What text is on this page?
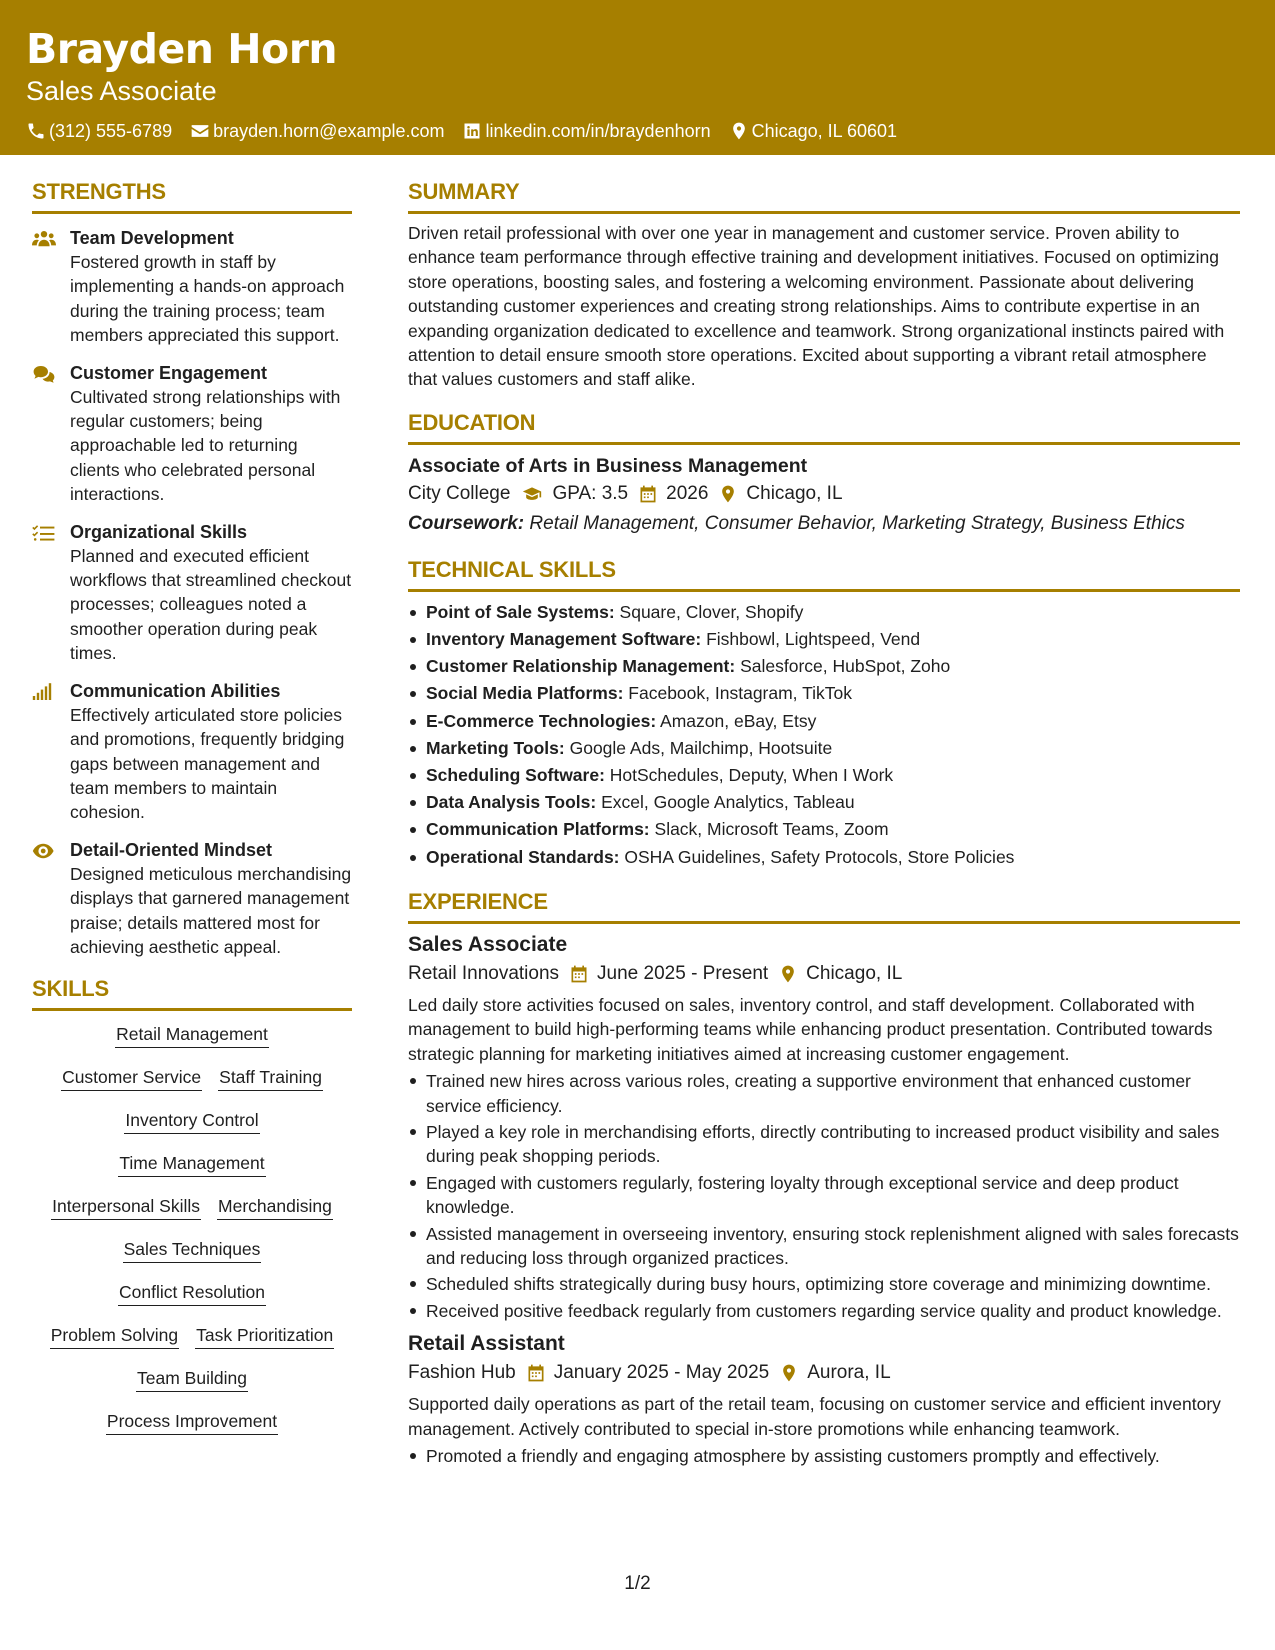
Brayden Horn
Sales Associate
(312) 555-6789 brayden.horn@example.com linkedin.com/in/braydenhorn Chicago, IL 60601
STRENGTHS
Team Development
Fostered growth in staff by implementing a hands-on approach during the training process; team members appreciated this support.
Customer Engagement
Cultivated strong relationships with regular customers; being approachable led to returning clients who celebrated personal interactions.
Organizational Skills
Planned and executed efficient workflows that streamlined checkout processes; colleagues noted a smoother operation during peak times.
Communication Abilities
Effectively articulated store policies and promotions, frequently bridging gaps between management and team members to maintain cohesion.
Detail-Oriented Mindset
Designed meticulous merchandising displays that garnered management praise; details mattered most for achieving aesthetic appeal.
SKILLS
Retail Management
Customer Service Staff Training
Inventory Control
Time Management
Interpersonal Skills Merchandising
Sales Techniques
Conflict Resolution
Problem Solving Task Prioritization
Team Building
Process Improvement
SUMMARY
Driven retail professional with over one year in management and customer service. Proven ability to enhance team performance through effective training and development initiatives. Focused on optimizing store operations, boosting sales, and fostering a welcoming environment. Passionate about delivering outstanding customer experiences and creating strong relationships. Aims to contribute expertise in an expanding organization dedicated to excellence and teamwork. Strong organizational instincts paired with attention to detail ensure smooth store operations. Excited about supporting a vibrant retail atmosphere that values customers and staff alike.
EDUCATION
Associate of Arts in Business Management
City College GPA: 3.5 2026 Chicago, IL
Coursework: Retail Management, Consumer Behavior, Marketing Strategy, Business Ethics
TECHNICAL SKILLS
Point of Sale Systems: Square, Clover, Shopify
Inventory Management Software: Fishbowl, Lightspeed, Vend
Customer Relationship Management: Salesforce, HubSpot, Zoho
Social Media Platforms: Facebook, Instagram, TikTok
E-Commerce Technologies: Amazon, eBay, Etsy
Marketing Tools: Google Ads, Mailchimp, Hootsuite
Scheduling Software: HotSchedules, Deputy, When I Work
Data Analysis Tools: Excel, Google Analytics, Tableau
Communication Platforms: Slack, Microsoft Teams, Zoom
Operational Standards: OSHA Guidelines, Safety Protocols, Store Policies
EXPERIENCE
Sales Associate
Retail Innovations June 2025 - Present Chicago, IL
Led daily store activities focused on sales, inventory control, and staff development. Collaborated with management to build high-performing teams while enhancing product presentation. Contributed towards strategic planning for marketing initiatives aimed at increasing customer engagement.
Trained new hires across various roles, creating a supportive environment that enhanced customer service efficiency.
Played a key role in merchandising efforts, directly contributing to increased product visibility and sales during peak shopping periods.
Engaged with customers regularly, fostering loyalty through exceptional service and deep product knowledge.
Assisted management in overseeing inventory, ensuring stock replenishment aligned with sales forecasts and reducing loss through organized practices.
Scheduled shifts strategically during busy hours, optimizing store coverage and minimizing downtime.
Received positive feedback regularly from customers regarding service quality and product knowledge.
Retail Assistant
Fashion Hub January 2025 - May 2025 Aurora, IL
Supported daily operations as part of the retail team, focusing on customer service and efficient inventory management. Actively contributed to special in-store promotions while enhancing teamwork.
Promoted a friendly and engaging atmosphere by assisting customers promptly and effectively.
1/2
